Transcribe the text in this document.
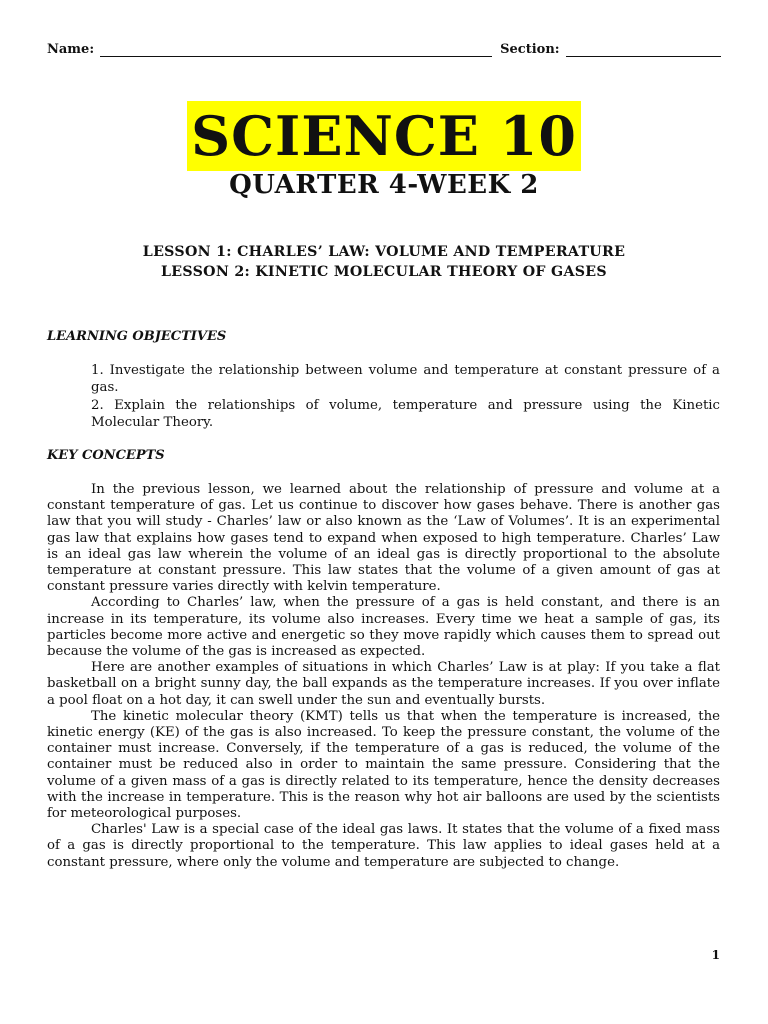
Name:	Section:
SCIENCE 10
QUARTER 4-WEEK 2
LESSON 1: CHARLES’ LAW: VOLUME AND TEMPERATURE
LESSON 2: KINETIC MOLECULAR THEORY OF GASES
LEARNING OBJECTIVES

1. Investigate the relationship between volume and temperature at constant pressure of a gas.

2. Explain the relationships of volume, temperature and pressure using the Kinetic Molecular Theory.

KEY CONCEPTS

In the previous lesson, we learned about the relationship of pressure and volume at a constant temperature of gas. Let us continue to discover how gases behave. There is another gas law that you will study - Charles’ law or also known as the ‘Law of Volumes’. It is an experimental gas law that explains how gases tend to expand when exposed to high temperature. Charles’ Law is an ideal gas law wherein the volume of an ideal gas is directly proportional to the absolute temperature at constant pressure. This law states that the volume of a given amount of gas at constant pressure varies directly with kelvin temperature.

According to Charles’ law, when the pressure of a gas is held constant, and there is an increase in its temperature, its volume also increases. Every time we heat a sample of gas, its particles become more active and energetic so they move rapidly which causes them to spread out because the volume of the gas is increased as expected.

Here are another examples of situations in which Charles’ Law is at play: If you take a flat basketball on a bright sunny day, the ball expands as the temperature increases. If you over inflate a pool float on a hot day, it can swell under the sun and eventually bursts.

The kinetic molecular theory (KMT) tells us that when the temperature is increased, the kinetic energy (KE) of the gas is also increased. To keep the pressure constant, the volume of the container must increase. Conversely, if the temperature of a gas is reduced, the volume of the container must be reduced also in order to maintain the same pressure. Considering that the volume of a given mass of a gas is directly related to its temperature, hence the density decreases with the increase in temperature. This is the reason why hot air balloons are used by the scientists for meteorological purposes.

Charles' Law is a special case of the ideal gas laws. It states that the volume of a fixed mass of a gas is directly proportional to the temperature. This law applies to ideal gases held at a constant pressure, where only the volume and temperature are subjected to change.

1
